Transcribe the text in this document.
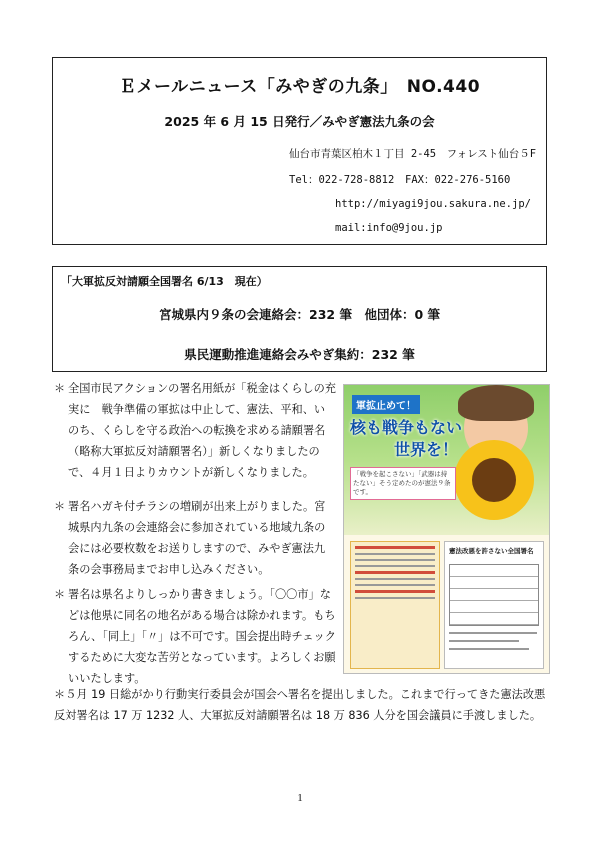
Ｅメールニュース「みやぎの九条」　NO.440
2025 年 6 月 15 日発行／みやぎ憲法九条の会
仙台市青葉区柏木１丁目 2-45　フォレスト仙台５F
Tel：022-728-8812 FAX：022-276-5160
http://miyagi9jou.sakura.ne.jp/
mail:info@9jou.jp
「大軍拡反対請願全国署名 6/13　現在）
宮城県内９条の会連絡会：232 筆　他団体：0 筆
県民運動推進連絡会みやぎ集約：232 筆
＊ 全国市民アクションの署名用紙が「税金はくらしの充実に　戦争準備の軍拡は中止して、憲法、平和、いのち、くらしを守る政治への転換を求める請願署名（略称大軍拡反対請願署名）」新しくなりましたので、４月１日よりカウントが新しくなりました。
＊ 署名ハガキ付チラシの増刷が出来上がりました。宮城県内九条の会連絡会に参加されている地域九条の会には必要枚数をお送りしますので、みやぎ憲法九条の会事務局までお申し込みください。
＊ 署名は県名よりしっかり書きましょう。「〇〇市」などは他県に同名の地名がある場合は除かれます。もちろん、「同上」「〃」は不可です。国会提出時チェックするために大変な苦労となっています。よろしくお願いいたします。
＊５月 19 日総がかり行動実行委員会が国会へ署名を提出しました。これまで行ってきた憲法改悪反対署名は 17 万 1232 人、大軍拡反対請願署名は 18 万 836 人分を国会議員に手渡しました。
軍拡止めて！
核も戦争もない
世界を！
「戦争を起こさない」「武器は持たない」そう定めたのが憲法９条です。
憲法改悪を許さない全国署名
1
